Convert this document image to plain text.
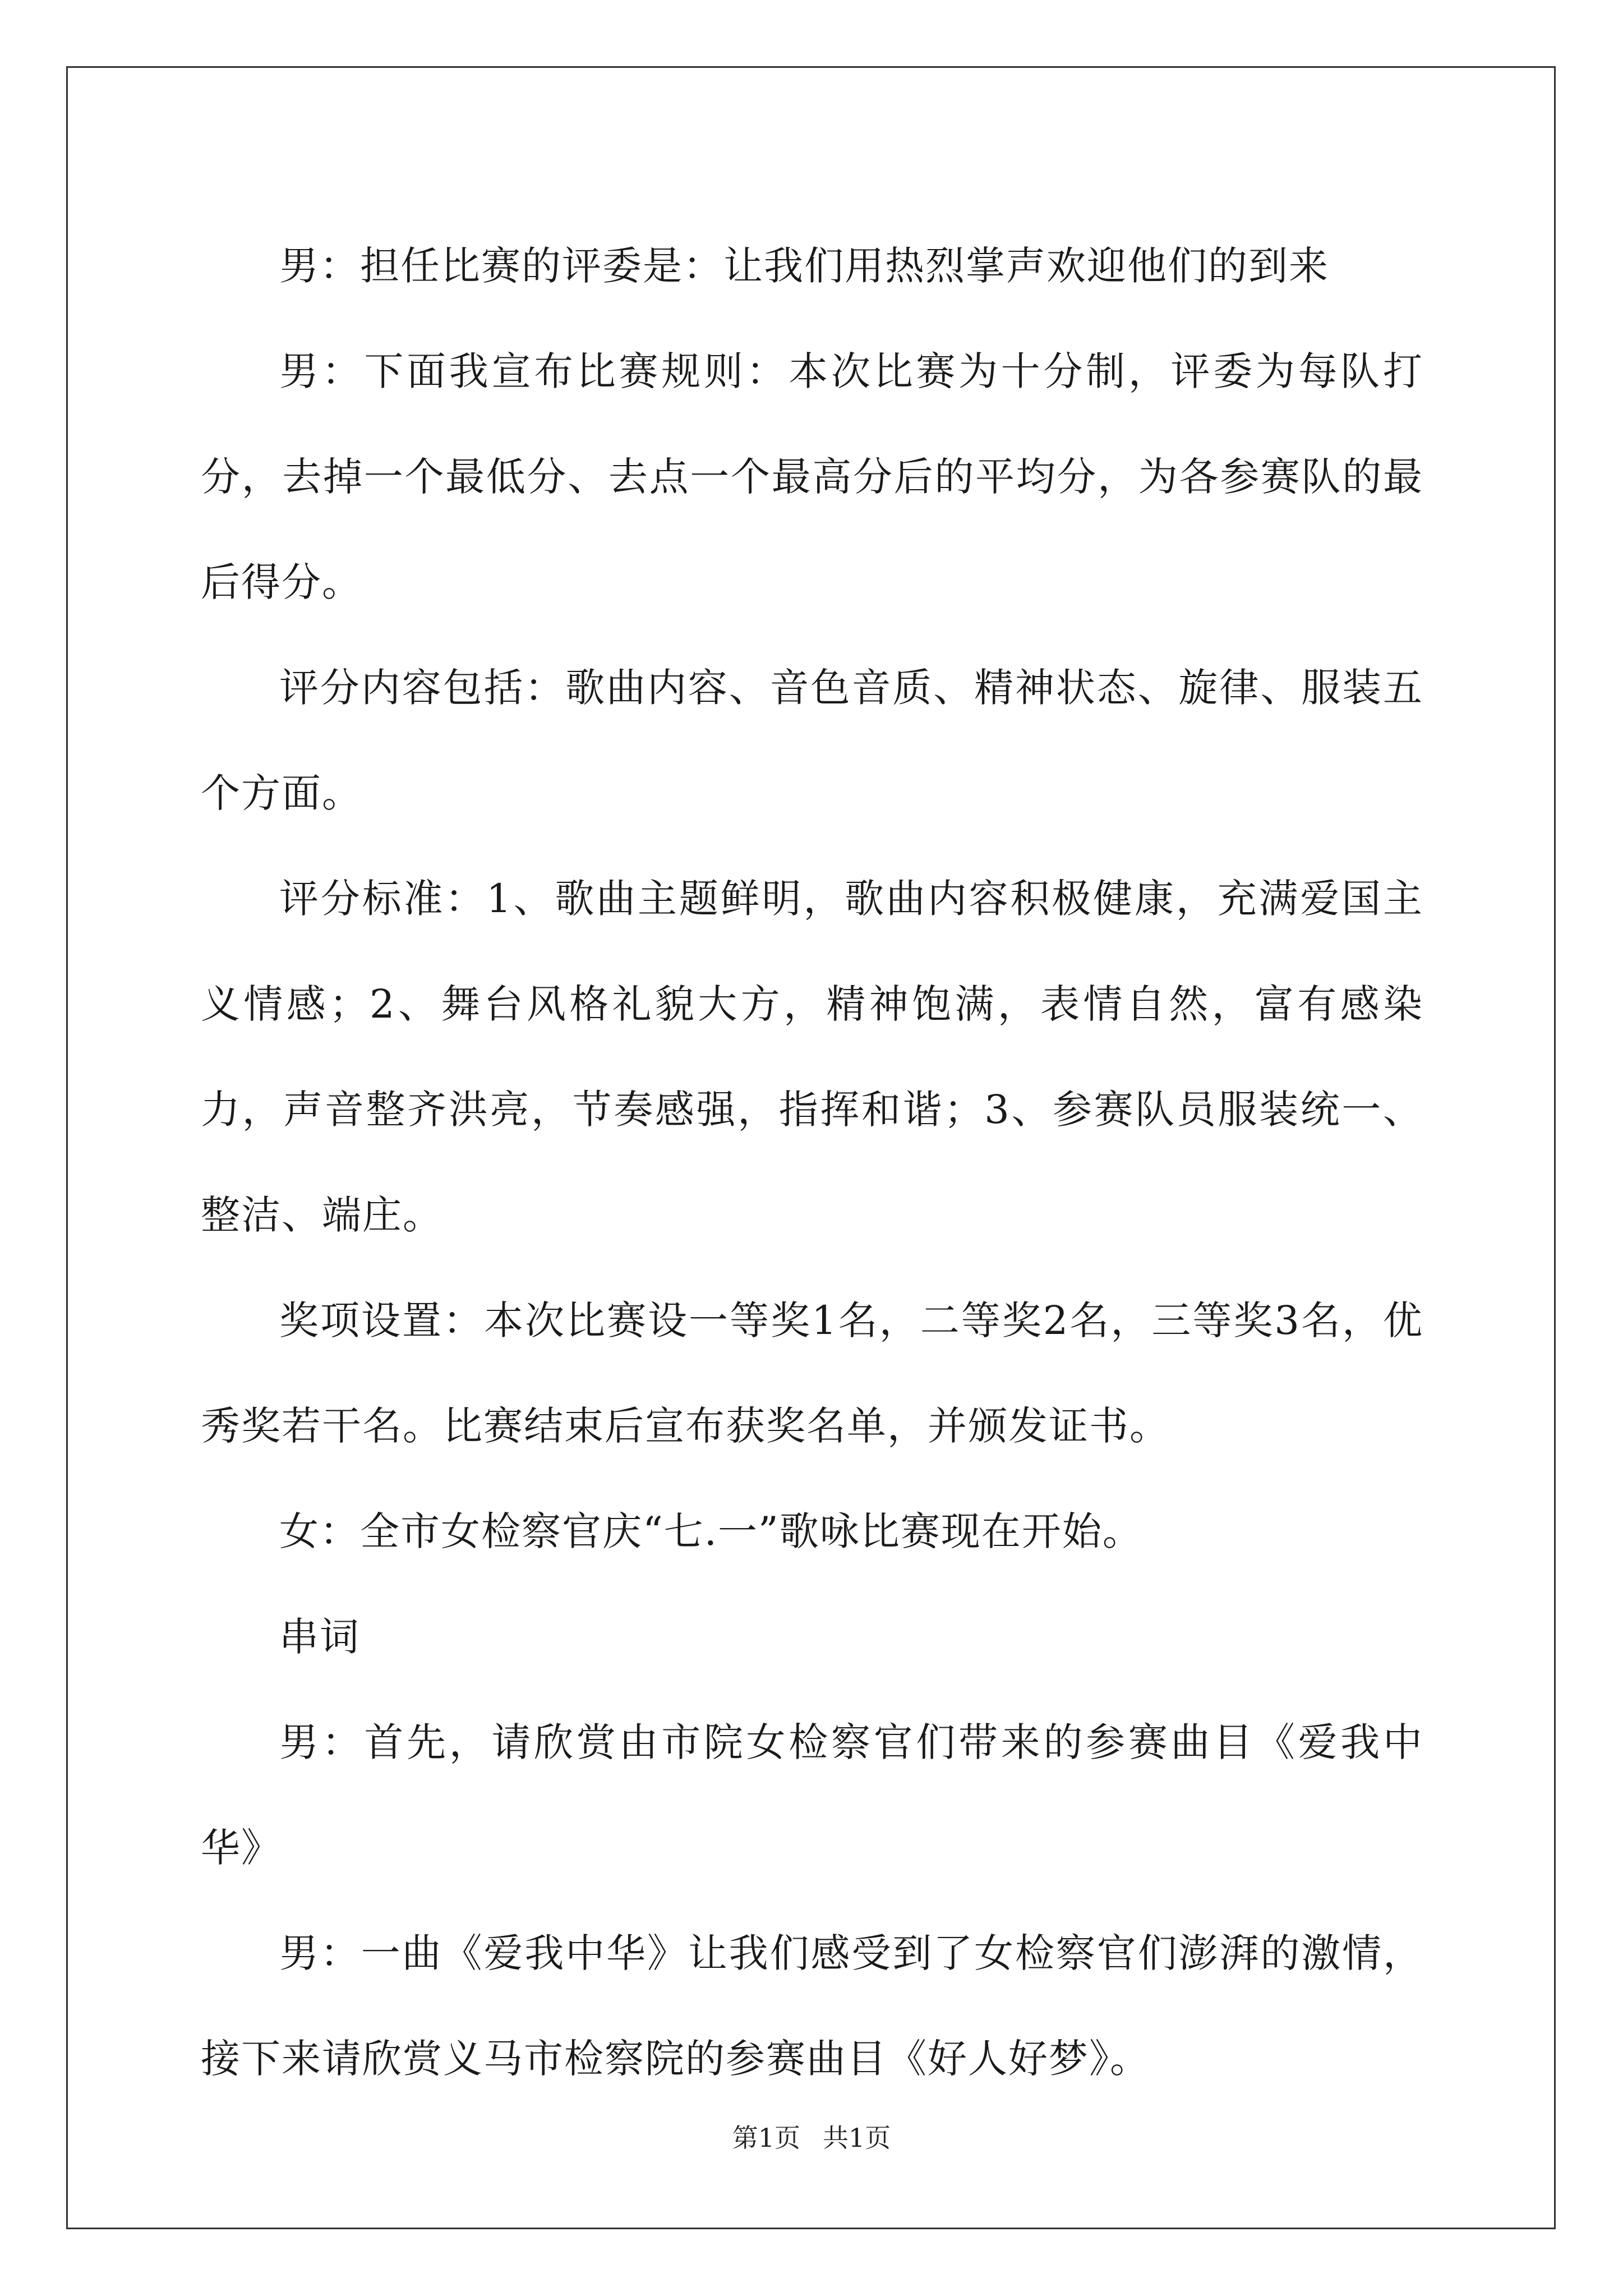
男：担任比赛的评委是：让我们用热烈掌声欢迎他们的到来

男：下面我宣布比赛规则：本次比赛为十分制，评委为每队打分，去掉一个最低分、去点一个最高分后的平均分，为各参赛队的最后得分。

评分内容包括：歌曲内容、音色音质、精神状态、旋律、服装五个方面。

评分标准：1、歌曲主题鲜明，歌曲内容积极健康，充满爱国主义情感；2、舞台风格礼貌大方，精神饱满，表情自然，富有感染力，声音整齐洪亮，节奏感强，指挥和谐；3、参赛队员服装统一、整洁、端庄。

奖项设置：本次比赛设一等奖1名，二等奖2名，三等奖3名，优秀奖若干名。比赛结束后宣布获奖名单，并颁发证书。

女：全市女检察官庆“七.一”歌咏比赛现在开始。

串词

男：首先，请欣赏由市院女检察官们带来的参赛曲目《爱我中华》

男：一曲《爱我中华》让我们感受到了女检察官们澎湃的激情，接下来请欣赏义马市检察院的参赛曲目《好人好梦》。

第1页 共1页
